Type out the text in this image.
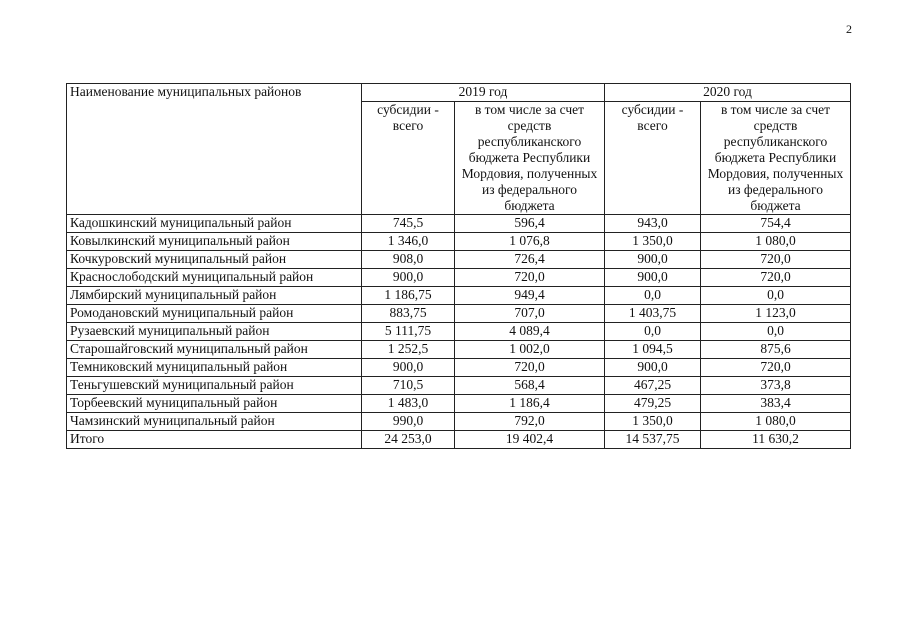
2
Наименование муниципальных районов	2019 год		2020 год	
	субсидии - всего	в том числе за счет средств республиканского бюджета Республики Мордовия, полученных из федерального бюджета	субсидии - всего	в том числе за счет средств республиканского бюджета Республики Мордовия, полученных из федерального бюджета
Кадошкинский муниципальный район	745,5	596,4	943,0	754,4
Ковылкинский муниципальный район	1 346,0	1 076,8	1 350,0	1 080,0
Кочкуровский муниципальный район	908,0	726,4	900,0	720,0
Краснослободский муниципальный район	900,0	720,0	900,0	720,0
Лямбирский муниципальный район	1 186,75	949,4	0,0	0,0
Ромодановский муниципальный район	883,75	707,0	1 403,75	1 123,0
Рузаевский муниципальный район	5 111,75	4 089,4	0,0	0,0
Старошайговский муниципальный район	1 252,5	1 002,0	1 094,5	875,6
Темниковский муниципальный район	900,0	720,0	900,0	720,0
Теньгушевский муниципальный район	710,5	568,4	467,25	373,8
Торбеевский муниципальный район	1 483,0	1 186,4	479,25	383,4
Чамзинский муниципальный район	990,0	792,0	1 350,0	1 080,0
Итого	24 253,0	19 402,4	14 537,75	11 630,2
